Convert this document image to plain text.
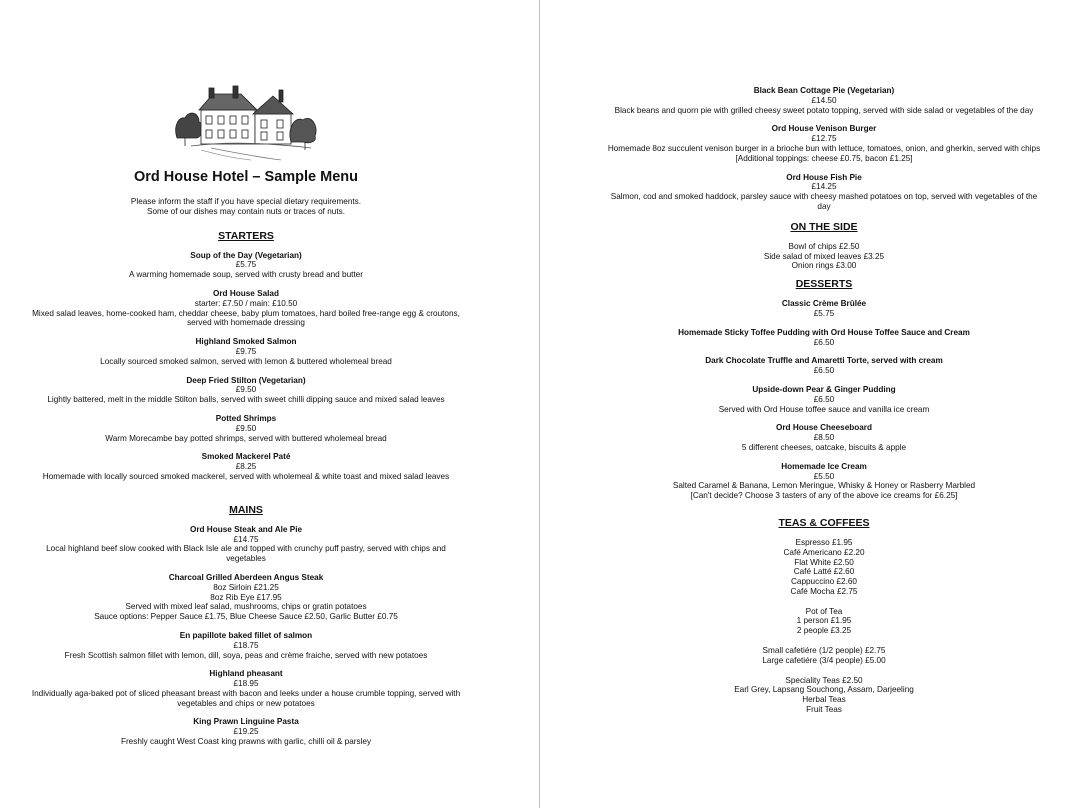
Ord House Hotel – Sample Menu
Please inform the staff if you have special dietary requirements.
Some of our dishes may contain nuts or traces of nuts.
STARTERS
Soup of the Day (Vegetarian)
£5.75
A warming homemade soup, served with crusty bread and butter
Ord House Salad
starter: £7.50 / main: £10.50
Mixed salad leaves, home-cooked ham, cheddar cheese, baby plum tomatoes, hard boiled free-range egg & croutons, served with homemade dressing
Highland Smoked Salmon
£9.75
Locally sourced smoked salmon, served with lemon & buttered wholemeal bread
Deep Fried Stilton (Vegetarian)
£9.50
Lightly battered, melt in the middle Stilton balls, served with sweet chilli dipping sauce and mixed salad leaves
Potted Shrimps
£9.50
Warm Morecambe bay potted shrimps, served with buttered wholemeal bread
Smoked Mackerel Paté
£8.25
Homemade with locally sourced smoked mackerel, served with wholemeal & white toast and mixed salad leaves
MAINS
Ord House Steak and Ale Pie
£14.75
Local highland beef slow cooked with Black Isle ale and topped with crunchy puff pastry, served with chips and vegetables
Charcoal Grilled Aberdeen Angus Steak
8oz Sirloin £21.25
8oz Rib Eye £17.95
Served with mixed leaf salad, mushrooms, chips or gratin potatoes
Sauce options: Pepper Sauce £1.75, Blue Cheese Sauce £2.50, Garlic Butter £0.75
En papillote baked fillet of salmon
£18.75
Fresh Scottish salmon fillet with lemon, dill, soya, peas and crème fraiche, served with new potatoes
Highland pheasant
£18.95
Individually aga-baked pot of sliced pheasant breast with bacon and leeks under a house crumble topping, served with vegetables and chips or new potatoes
King Prawn Linguine Pasta
£19.25
Freshly caught West Coast king prawns with garlic, chilli oil & parsley
Black Bean Cottage Pie (Vegetarian)
£14.50
Black beans and quorn pie with grilled cheesy sweet potato topping, served with side salad or vegetables of the day
Ord House Venison Burger
£12.75
Homemade 8oz succulent venison burger in a brioche bun with lettuce, tomatoes, onion, and gherkin, served with chips
[Additional toppings: cheese £0.75, bacon £1.25]
Ord House Fish Pie
£14.25
Salmon, cod and smoked haddock, parsley sauce with cheesy mashed potatoes on top, served with vegetables of the day
ON THE SIDE
Bowl of chips £2.50
Side salad of mixed leaves £3.25
Onion rings £3.00
DESSERTS
Classic Crème Brûlée
£5.75
Homemade Sticky Toffee Pudding with Ord House Toffee Sauce and Cream
£6.50
Dark Chocolate Truffle and Amaretti Torte, served with cream
£6.50
Upside-down Pear & Ginger Pudding
£6.50
Served with Ord House toffee sauce and vanilla ice cream
Ord House Cheeseboard
£8.50
5 different cheeses, oatcake, biscuits & apple
Homemade Ice Cream
£5.50
Salted Caramel & Banana, Lemon Meringue, Whisky & Honey or Rasberry Marbled
[Can't decide? Choose 3 tasters of any of the above ice creams for £6.25]
TEAS & COFFEES
Espresso £1.95
Café Americano £2.20
Flat White £2.50
Café Latté £2.60
Cappuccino £2.60
Café Mocha £2.75
Pot of Tea
1 person £1.95
2 people £3.25
Small cafetiére (1/2 people) £2.75
Large cafetiére (3/4 people) £5.00
Speciality Teas £2.50
Earl Grey, Lapsang Souchong, Assam, Darjeeling
Herbal Teas
Fruit Teas
